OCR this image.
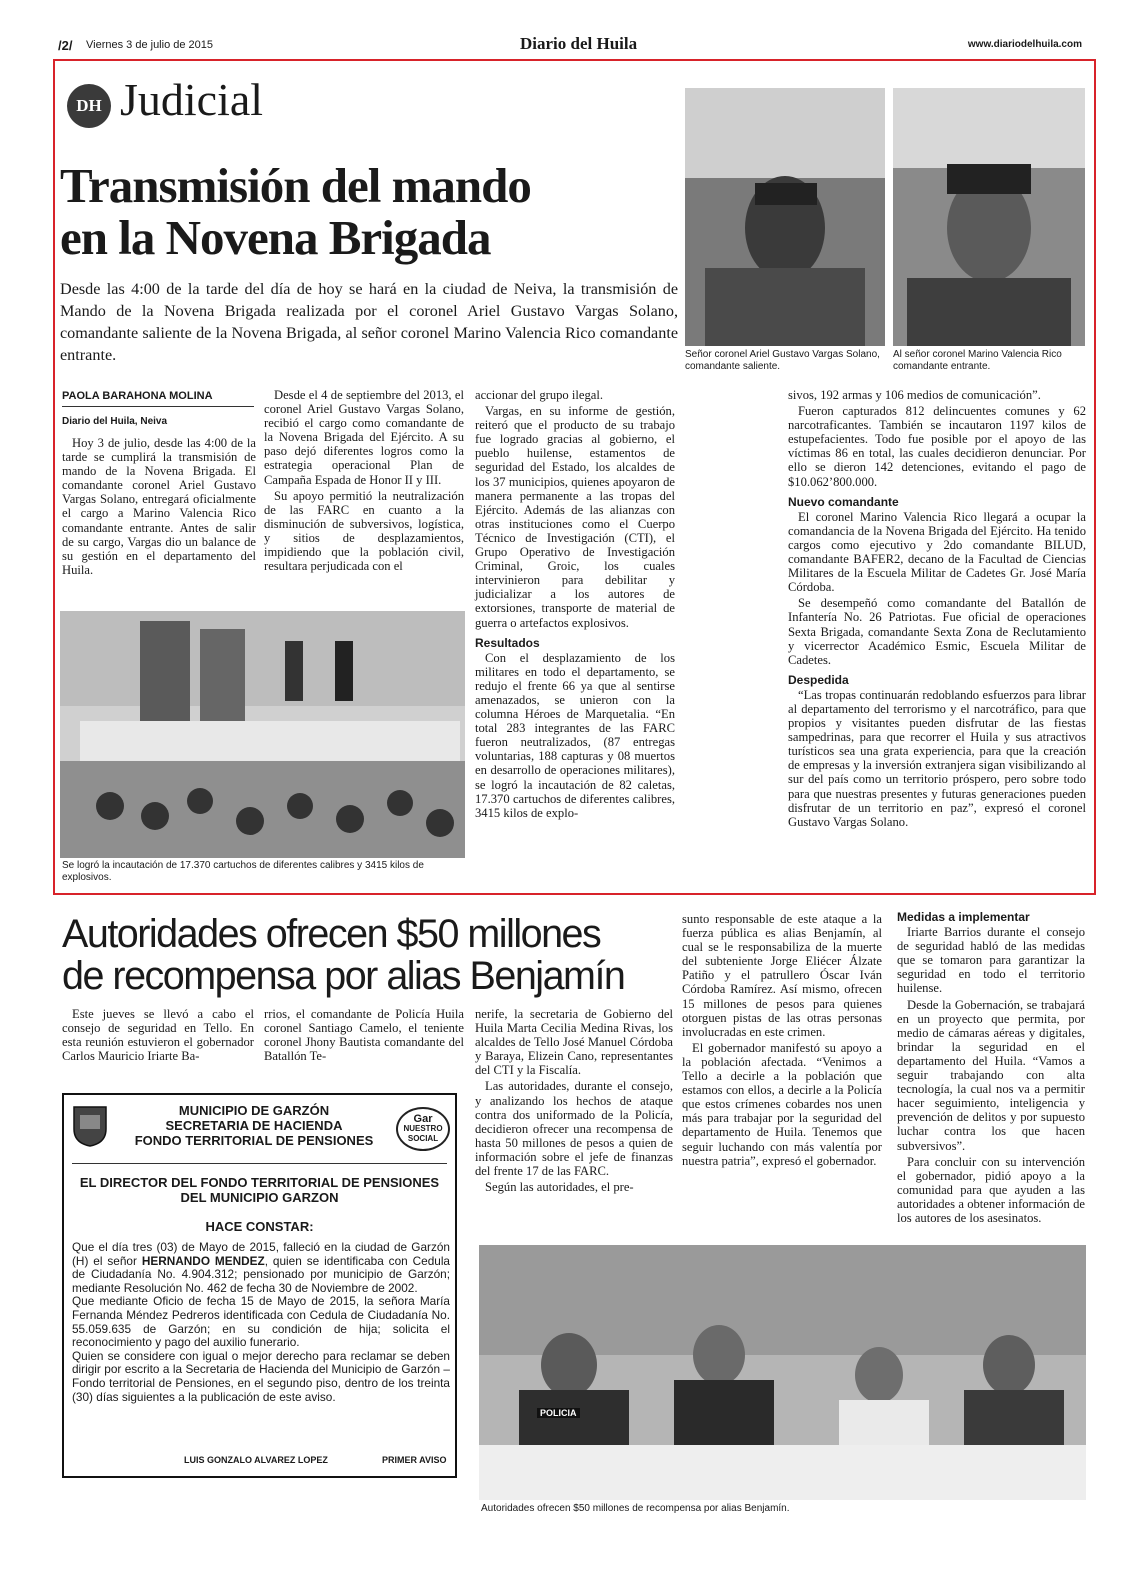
/2/ Viernes 3 de julio de 2015	Diario del Huila	www.diariodelhuila.com
DH Judicial
Transmisión del mando
en la Novena Brigada
Desde las 4:00 de la tarde del día de hoy se hará en la ciudad de Neiva, la transmisión de Mando de la Novena Brigada realizada por el coronel Ariel Gustavo Vargas Solano, comandante saliente de la Novena Brigada, al señor coronel Marino Valencia Rico comandante entrante.	Señor coronel Ariel Gustavo Vargas Solano, comandante saliente.
Al señor coronel Marino Valencia Rico comandante entrante.
PAOLA BARAHONA MOLINA
Diario del Huila, Neiva

Hoy 3 de julio, desde las 4:00 de la tarde se cumplirá la transmisión de mando de la Novena Brigada. El comandante coronel Ariel Gustavo Vargas Solano, entregará oficialmente el cargo a Marino Valencia Rico comandante entrante. Antes de salir de su cargo, Vargas dio un balance de su gestión en el departamento del Huila.

Desde el 4 de septiembre del 2013, el coronel Ariel Gustavo Vargas Solano, recibió el cargo como comandante de la Novena Brigada del Ejército. A su paso dejó diferentes logros como la estrategia operacional Plan de Campaña Espada de Honor II y III.

Su apoyo permitió la neutralización de las FARC en cuanto a la disminución de subversivos, logística, y sitios de desplazamientos, impidiendo que la población civil, resultara perjudicada con el

Se logró la incautación de 17.370 cartuchos de diferentes calibres y 3415 kilos de explosivos.

accionar del grupo ilegal.

Vargas, en su informe de gestión, reiteró que el producto de su trabajo fue logrado gracias al gobierno, el pueblo huilense, estamentos de seguridad del Estado, los alcaldes de los 37 municipios, quienes apoyaron de manera permanente a las tropas del Ejército. Además de las alianzas con otras instituciones como el Cuerpo Técnico de Investigación (CTI), el Grupo Operativo de Investigación Criminal, Groic, los cuales intervinieron para debilitar y judicializar a los autores de extorsiones, transporte de material de guerra o artefactos explosivos.

Resultados

Con el desplazamiento de los militares en todo el departamento, se redujo el frente 66 ya que al sentirse amenazados, se unieron con la columna Héroes de Marquetalia. “En total 283 integrantes de las FARC fueron neutralizados, (87 entregas voluntarias, 188 capturas y 08 muertos en desarrollo de operaciones militares), se logró la incautación de 82 caletas, 17.370 cartuchos de diferentes calibres, 3415 kilos de explo-

sivos, 192 armas y 106 medios de comunicación”.

Fueron capturados 812 delincuentes comunes y 62 narcotraficantes. También se incautaron 1197 kilos de estupefacientes. Todo fue posible por el apoyo de las víctimas 86 en total, las cuales decidieron denunciar. Por ello se dieron 142 detenciones, evitando el pago de $10.062’800.000.

Nuevo comandante

El coronel Marino Valencia Rico llegará a ocupar la comandancia de la Novena Brigada del Ejército. Ha tenido cargos como ejecutivo y 2do comandante BILUD, comandante BAFER2, decano de la Facultad de Ciencias Militares de la Escuela Militar de Cadetes Gr. José María Córdoba.

Se desempeñó como comandante del Batallón de Infantería No. 26 Patriotas. Fue oficial de operaciones Sexta Brigada, comandante Sexta Zona de Reclutamiento y vicerrector Académico Esmic, Escuela Militar de Cadetes.

Despedida

“Las tropas continuarán redoblando esfuerzos para librar al departamento del terrorismo y el narcotráfico, para que propios y visitantes pueden disfrutar de las fiestas sampedrinas, para que recorrer el Huila y sus atractivos turísticos sea una grata experiencia, para que la creación de empresas y la inversión extranjera sigan visibilizando al sur del país como un territorio próspero, pero sobre todo para que nuestras presentes y futuras generaciones pueden disfrutar de un territorio en paz”, expresó el coronel Gustavo Vargas Solano.

Autoridades ofrecen $50 millones
de recompensa por alias Benjamín

Este jueves se llevó a cabo el consejo de seguridad en Tello. En esta reunión estuvieron el gobernador Carlos Mauricio Iriarte Ba-

rrios, el comandante de Policía Huila coronel Santiago Camelo, el teniente coronel Jhony Bautista comandante del Batallón Te-

nerife, la secretaria de Gobierno del Huila Marta Cecilia Medina Rivas, los alcaldes de Tello José Manuel Córdoba y Baraya, Elizein Cano, representantes del CTI y la Fiscalía.

Las autoridades, durante el consejo, y analizando los hechos de ataque contra dos uniformado de la Policía, decidieron ofrecer una recompensa de hasta 50 millones de pesos a quien de información sobre el jefe de finanzas del frente 17 de las FARC.

Según las autoridades, el pre-

sunto responsable de este ataque a la fuerza pública es alias Benjamín, al cual se le responsabiliza de la muerte del subteniente Jorge Eliécer Álzate Patiño y el patrullero Óscar Iván Córdoba Ramírez. Así mismo, ofrecen 15 millones de pesos para quienes otorguen pistas de las otras personas involucradas en este crimen.

El gobernador manifestó su apoyo a la población afectada. “Venimos a Tello a decirle a la población que estamos con ellos, a decirle a la Policía que estos crímenes cobardes nos unen más para trabajar por la seguridad del departamento de Huila. Tenemos que seguir luchando con más valentía por nuestra patria”, expresó el gobernador.

Medidas a implementar

Iriarte Barrios durante el consejo de seguridad habló de las medidas que se tomaron para garantizar la seguridad en todo el territorio huilense.

Desde la Gobernación, se trabajará en un proyecto que permita, por medio de cámaras aéreas y digitales, brindar la seguridad en el departamento del Huila. “Vamos a seguir trabajando con alta tecnología, la cual nos va a permitir hacer seguimiento, inteligencia y prevención de delitos y por supuesto luchar contra los que hacen subversivos”.

Para concluir con su intervención el gobernador, pidió apoyo a la comunidad para que ayuden a las autoridades a obtener información de los autores de los asesinatos.

POLICIA
Autoridades ofrecen $50 millones de recompensa por alias Benjamín.
MUNICIPIO DE GARZÓN
SECRETARIA DE HACIENDA
FONDO TERRITORIAL DE PENSIONES
Gar
NUESTRO
SOCIAL
EL DIRECTOR DEL FONDO TERRITORIAL DE PENSIONES
DEL MUNICIPIO GARZON
HACE CONSTAR:
Que el día tres (03) de Mayo de 2015, falleció en la ciudad de Garzón (H) el señor HERNANDO MENDEZ, quien se identificaba con Cedula de Ciudadanía No. 4.904.312; pensionado por municipio de Garzón; mediante Resolución No. 462 de fecha 30 de Noviembre de 2002.
Que mediante Oficio de fecha 15 de Mayo de 2015, la señora María Fernanda Méndez Pedreros identificada con Cedula de Ciudadanía No. 55.059.635 de Garzón; en su condición de hija; solicita el reconocimiento y pago del auxilio funerario.
Quien se considere con igual o mejor derecho para reclamar se deben dirigir por escrito a la Secretaria de Hacienda del Municipio de Garzón – Fondo territorial de Pensiones, en el segundo piso, dentro de los treinta (30) días siguientes a la publicación de este aviso.
LUIS GONZALO ALVAREZ LOPEZ	PRIMER AVISO
